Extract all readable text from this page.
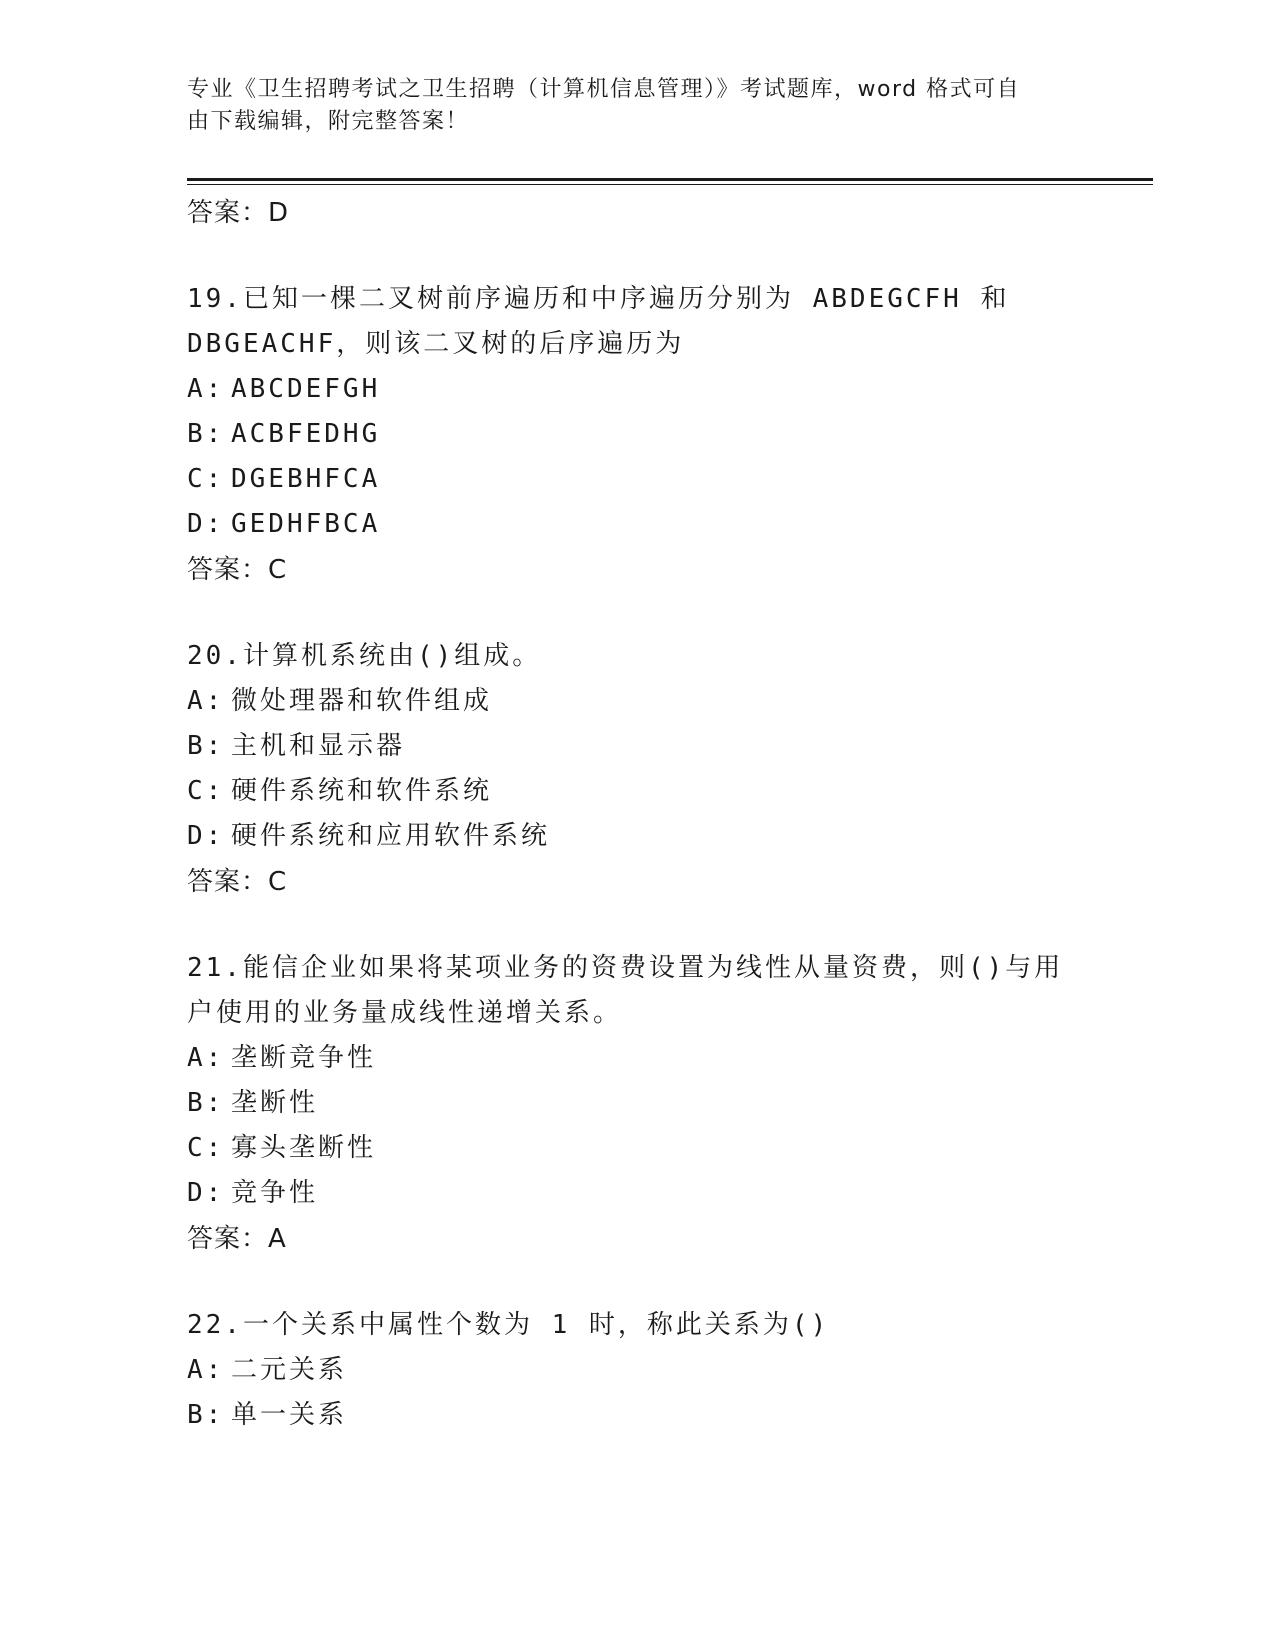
专业《卫生招聘考试之卫生招聘（计算机信息管理）》考试题库，word 格式可自
由下载编辑，附完整答案！
答案：D
19.已知一棵二叉树前序遍历和中序遍历分别为 ABDEGCFH 和 DBGEACHF，则该二叉树的后序遍历为
A: ABCDEFGH
B: ACBFEDHG
C: DGEBHFCA
D: GEDHFBCA
答案：C
20.计算机系统由()组成。
A: 微处理器和软件组成
B: 主机和显示器
C: 硬件系统和软件系统
D: 硬件系统和应用软件系统
答案：C
21.能信企业如果将某项业务的资费设置为线性从量资费，则()与用户使用的业务量成线性递增关系。
A: 垄断竞争性
B: 垄断性
C: 寡头垄断性
D: 竞争性
答案：A
22.一个关系中属性个数为 1 时，称此关系为()
A: 二元关系
B: 单一关系
